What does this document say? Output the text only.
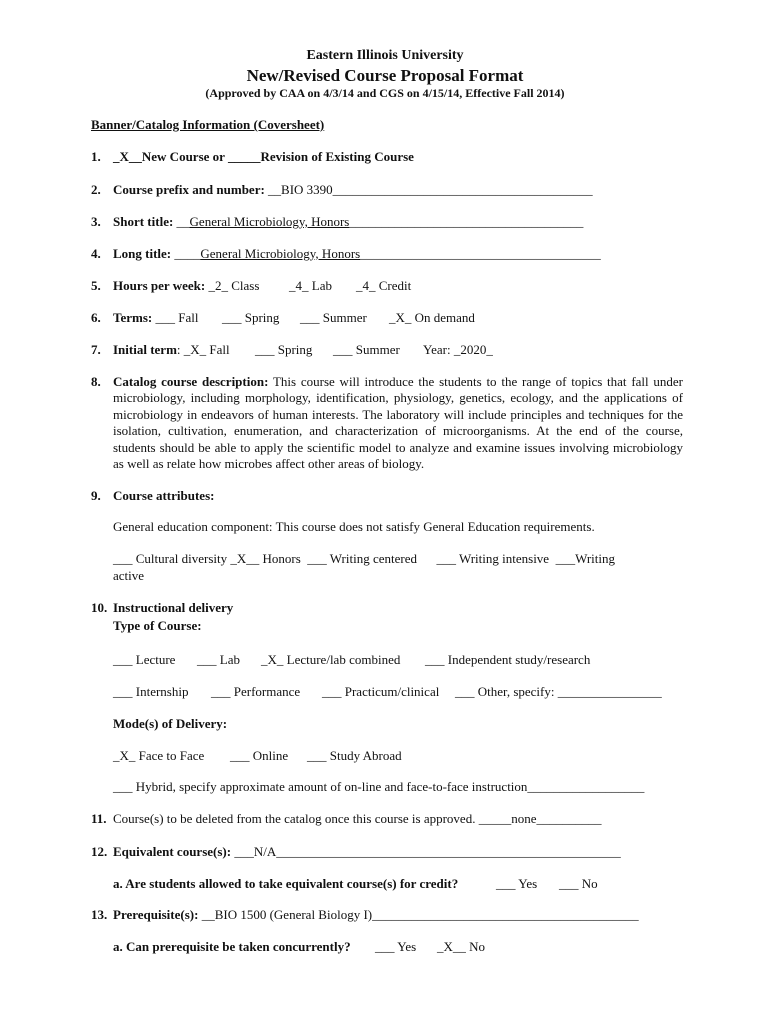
Eastern Illinois University
New/Revised Course Proposal Format
(Approved by CAA on 4/3/14 and CGS on 4/15/14, Effective Fall 2014)
Banner/Catalog Information (Coversheet)
1. _X__New Course or _____Revision of Existing Course
2. Course prefix and number: __BIO 3390________________________________________
3. Short title: __General Microbiology, Honors____________________________________
4. Long title: ____General Microbiology, Honors_____________________________________
5. Hours per week: _2_ Class _4_ Lab _4_ Credit
6. Terms: ___ Fall ___ Spring ___ Summer _X_ On demand
7. Initial term: _X_ Fall ___ Spring ___ Summer Year: _2020_
8. Catalog course description: This course will introduce the students to the range of topics that fall under microbiology, including morphology, identification, physiology, genetics, ecology, and the applications of microbiology in endeavors of human interests. The laboratory will include principles and techniques for the isolation, cultivation, enumeration, and characterization of microorganisms. At the end of the course, students should be able to apply the scientific model to analyze and examine issues involving microbiology as well as relate how microbes affect other areas of biology.
9. Course attributes:
General education component: This course does not satisfy General Education requirements.
___ Cultural diversity _X__ Honors  ___ Writing centered      ___ Writing intensive  ___Writing
active
10. Instructional delivery
Type of Course:
___ Lecture ___ Lab _X_ Lecture/lab combined ___ Independent study/research
___ Internship ___ Performance ___ Practicum/clinical ___ Other, specify: ________________
Mode(s) of Delivery:
_X_ Face to Face ___ Online ___ Study Abroad
___ Hybrid, specify approximate amount of on-line and face-to-face instruction__________________
11. Course(s) to be deleted from the catalog once this course is approved. _____none__________
12. Equivalent course(s): ___N/A_____________________________________________________
a. Are students allowed to take equivalent course(s) for credit?	___ Yes ___ No
13. Prerequisite(s): __BIO 1500 (General Biology I)_________________________________________
a. Can prerequisite be taken concurrently? ___ Yes _X__ No
